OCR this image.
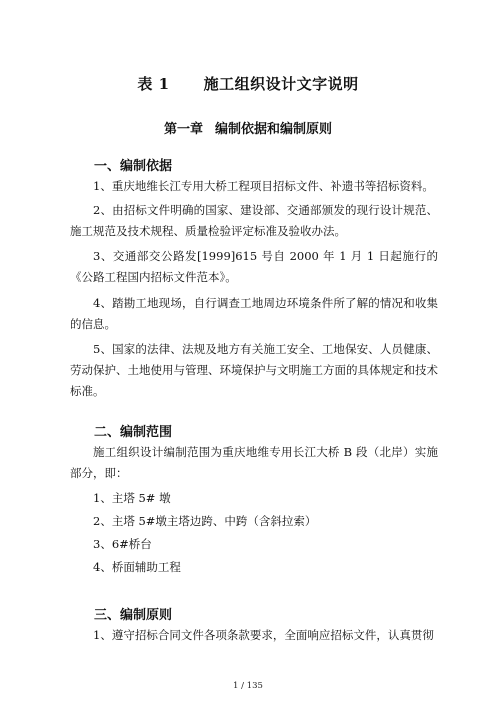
表 1 施工组织设计文字说明
第一章 编制依据和编制原则
一、编制依据
1、重庆地维长江专用大桥工程项目招标文件、补遗书等招标资料。
2、由招标文件明确的国家、建设部、交通部颁发的现行设计规范、施工规范及技术规程、质量检验评定标准及验收办法。
3、交通部交公路发[1999]615 号自 2000 年 1 月 1 日起施行的《公路工程国内招标文件范本》。
4、踏勘工地现场，自行调查工地周边环境条件所了解的情况和收集的信息。
5、国家的法律、法规及地方有关施工安全、工地保安、人员健康、劳动保护、土地使用与管理、环境保护与文明施工方面的具体规定和技术标准。
二、编制范围
施工组织设计编制范围为重庆地维专用长江大桥 B 段（北岸）实施部分，即：
1、主塔 5# 墩
2、主塔 5#墩主塔边跨、中跨（含斜拉索）
3、6#桥台
4、桥面辅助工程
三、编制原则
1、遵守招标合同文件各项条款要求，全面响应招标文件，认真贯彻
1 / 135
